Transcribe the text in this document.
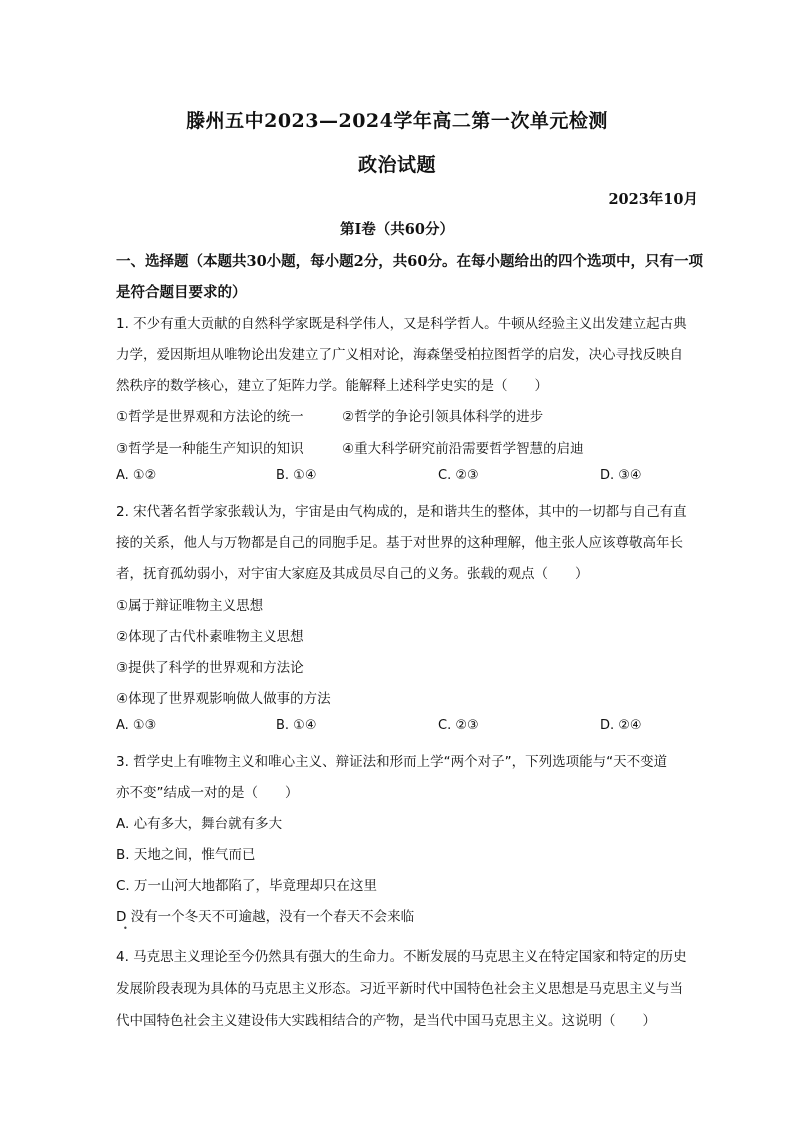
滕州五中2023—2024学年高二第一次单元检测
政治试题
2023年10月
第Ⅰ卷（共60分）
一、选择题（本题共30小题，每小题2分，共60分。在每小题给出的四个选项中，只有一项是符合题目要求的）
1. 不少有重大贡献的自然科学家既是科学伟人，又是科学哲人。牛顿从经验主义出发建立起古典
力学，爱因斯坦从唯物论出发建立了广义相对论，海森堡受柏拉图哲学的启发，决心寻找反映自
然秩序的数学核心，建立了矩阵力学。能解释上述科学史实的是（　　）
①哲学是世界观和方法论的统一	②哲学的争论引领具体科学的进步
③哲学是一种能生产知识的知识	④重大科学研究前沿需要哲学智慧的启迪
A. ①②	B. ①④	C. ②③	D. ③④
2. 宋代著名哲学家张载认为，宇宙是由气构成的，是和谐共生的整体，其中的一切都与自己有直
接的关系，他人与万物都是自己的同胞手足。基于对世界的这种理解，他主张人应该尊敬高年长
者，抚育孤幼弱小，对宇宙大家庭及其成员尽自己的义务。张载的观点（　　）
①属于辩证唯物主义思想
②体现了古代朴素唯物主义思想
③提供了科学的世界观和方法论
④体现了世界观影响做人做事的方法
A. ①③	B. ①④	C. ②③	D. ②④
3. 哲学史上有唯物主义和唯心主义、辩证法和形而上学“两个对子”，下列选项能与“天不变道
亦不变”结成一对的是（　　）
A. 心有多大，舞台就有多大
B. 天地之间，惟气而已
C. 万一山河大地都陷了，毕竟理却只在这里
D 没有一个冬天不可逾越，没有一个春天不会来临
•
4. 马克思主义理论至今仍然具有强大的生命力。不断发展的马克思主义在特定国家和特定的历史
发展阶段表现为具体的马克思主义形态。习近平新时代中国特色社会主义思想是马克思主义与当
代中国特色社会主义建设伟大实践相结合的产物，是当代中国马克思主义。这说明（　　）
